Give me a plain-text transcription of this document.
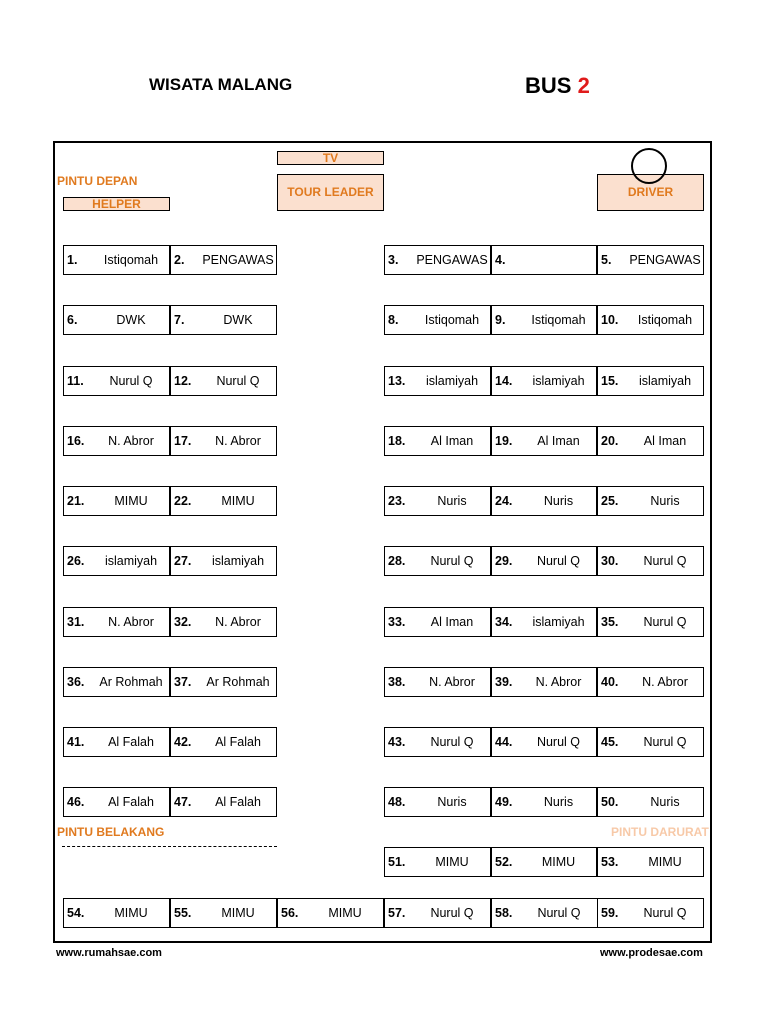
WISATA MALANG	BUS 2
TV
TOUR LEADER	DRIVER
PINTU DEPAN
HELPER
1.	Istiqomah	2.	PENGAWAS	3.	PENGAWAS 4.	5.	PENGAWAS
6.	DWK	7.	DWK	8.	Istiqomah	9.	Istiqomah	10.	Istiqomah
11.	Nurul Q	12.	Nurul Q	13.	islamiyah	14.	islamiyah	15.	islamiyah
16.	N. Abror	17.	N. Abror	18.	Al Iman	19.	Al Iman	20.	Al Iman
21.	MIMU	22.	MIMU	23.	Nuris	24.	Nuris	25.	Nuris
26.	islamiyah	27.	islamiyah	28.	Nurul Q	29.	Nurul Q	30.	Nurul Q
31.	N. Abror	32.	N. Abror	33.	Al Iman	34.	islamiyah	35.	Nurul Q
36.	Ar Rohmah 37.	Ar Rohmah	38.	N. Abror	39.	N. Abror	40.	N. Abror
41.	Al Falah	42.	Al Falah	43.	Nurul Q	44.	Nurul Q	45.	Nurul Q
46.	Al Falah	47.	Al Falah	48.	Nuris	49.	Nuris	50.	Nuris
51.	MIMU	52.	MIMU	53.	MIMU
54.	MIMU	55.	MIMU	56.	MIMU	57.	Nurul Q	58.	Nurul Q	59.	Nurul Q
PINTU BELAKANG	PINTU DARURAT
www.rumahsae.com	www.prodesae.com
